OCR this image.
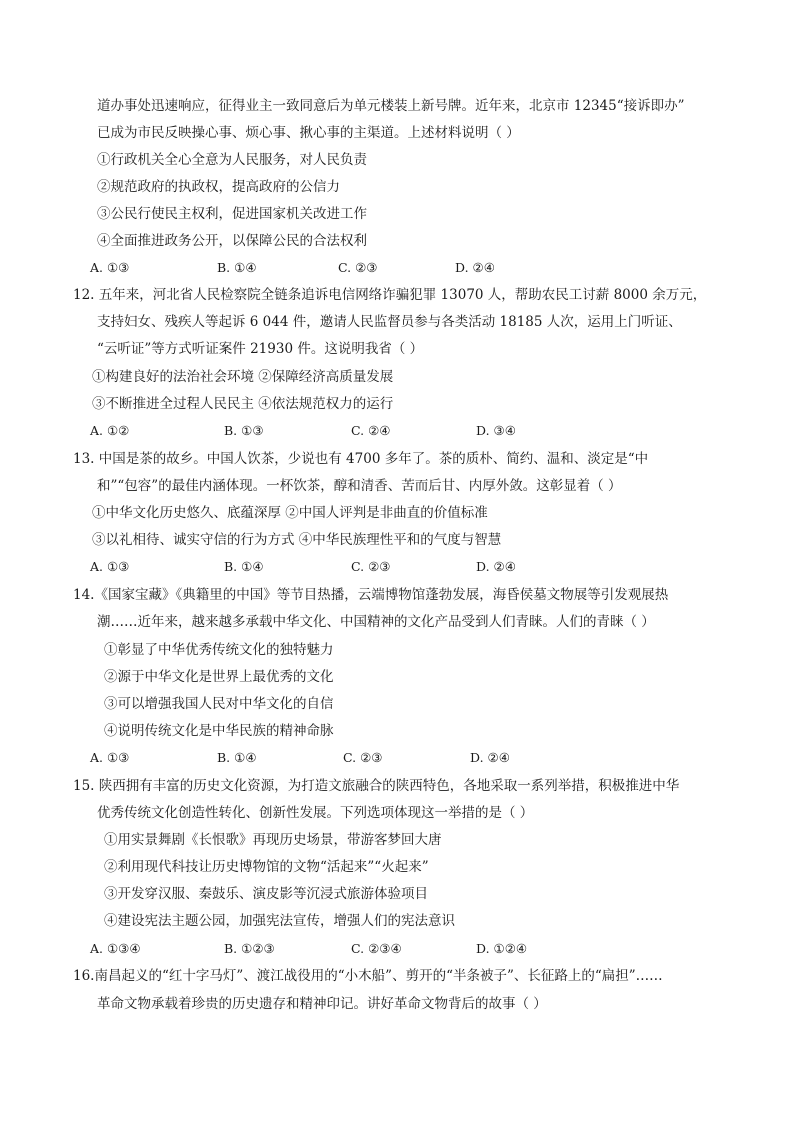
道办事处迅速响应，征得业主一致同意后为单元楼装上新号牌。近年来，北京市 12345“接诉即办”
已成为市民反映操心事、烦心事、揪心事的主渠道。上述材料说明（ ）
①行政机关全心全意为人民服务，对人民负责
②规范政府的执政权，提高政府的公信力
③公民行使民主权利，促进国家机关改进工作
④全面推进政务公开，以保障公民的合法权利
A. ①③	B. ①④	C. ②③	D. ②④
12. 五年来，河北省人民检察院全链条追诉电信网络诈骗犯罪 13070 人，帮助农民工讨薪 8000 余万元，
支持妇女、残疾人等起诉 6 044 件，邀请人民监督员参与各类活动 18185 人次，运用上门听证、
“云听证”等方式听证案件 21930 件。这说明我省（ ）
①构建良好的法治社会环境 ②保障经济高质量发展
③不断推进全过程人民民主 ④依法规范权力的运行
A. ①②	B. ①③	C. ②④	D. ③④
13. 中国是茶的故乡。中国人饮茶，少说也有 4700 多年了。茶的质朴、简约、温和、淡定是“中
和”“包容”的最佳内涵体现。一杯饮茶，醇和清香、苦而后甘、内厚外敛。这彰显着（ ）
①中华文化历史悠久、底蕴深厚 ②中国人评判是非曲直的价值标准
③以礼相待、诚实守信的行为方式 ④中华民族理性平和的气度与智慧
A. ①③	B. ①④	C. ②③	D. ②④
14.《国家宝藏》《典籍里的中国》等节目热播，云端博物馆蓬勃发展，海昏侯墓文物展等引发观展热
潮……近年来，越来越多承载中华文化、中国精神的文化产品受到人们青睐。人们的青睐（ ）
①彰显了中华优秀传统文化的独特魅力
②源于中华文化是世界上最优秀的文化
③可以增强我国人民对中华文化的自信
④说明传统文化是中华民族的精神命脉
A. ①③	B. ①④	C. ②③	D. ②④
15. 陕西拥有丰富的历史文化资源，为打造文旅融合的陕西特色，各地采取一系列举措，积极推进中华
优秀传统文化创造性转化、创新性发展。下列选项体现这一举措的是（ ）
①用实景舞剧《长恨歌》再现历史场景，带游客梦回大唐
②利用现代科技让历史博物馆的文物“活起来”“火起来”
③开发穿汉服、秦鼓乐、演皮影等沉浸式旅游体验项目
④建设宪法主题公园，加强宪法宣传，增强人们的宪法意识
A. ①③④	B. ①②③	C. ②③④	D. ①②④
16.南昌起义的“红十字马灯”、渡江战役用的“小木船”、剪开的“半条被子”、长征路上的“扁担”……
革命文物承载着珍贵的历史遗存和精神印记。讲好革命文物背后的故事（ ）
